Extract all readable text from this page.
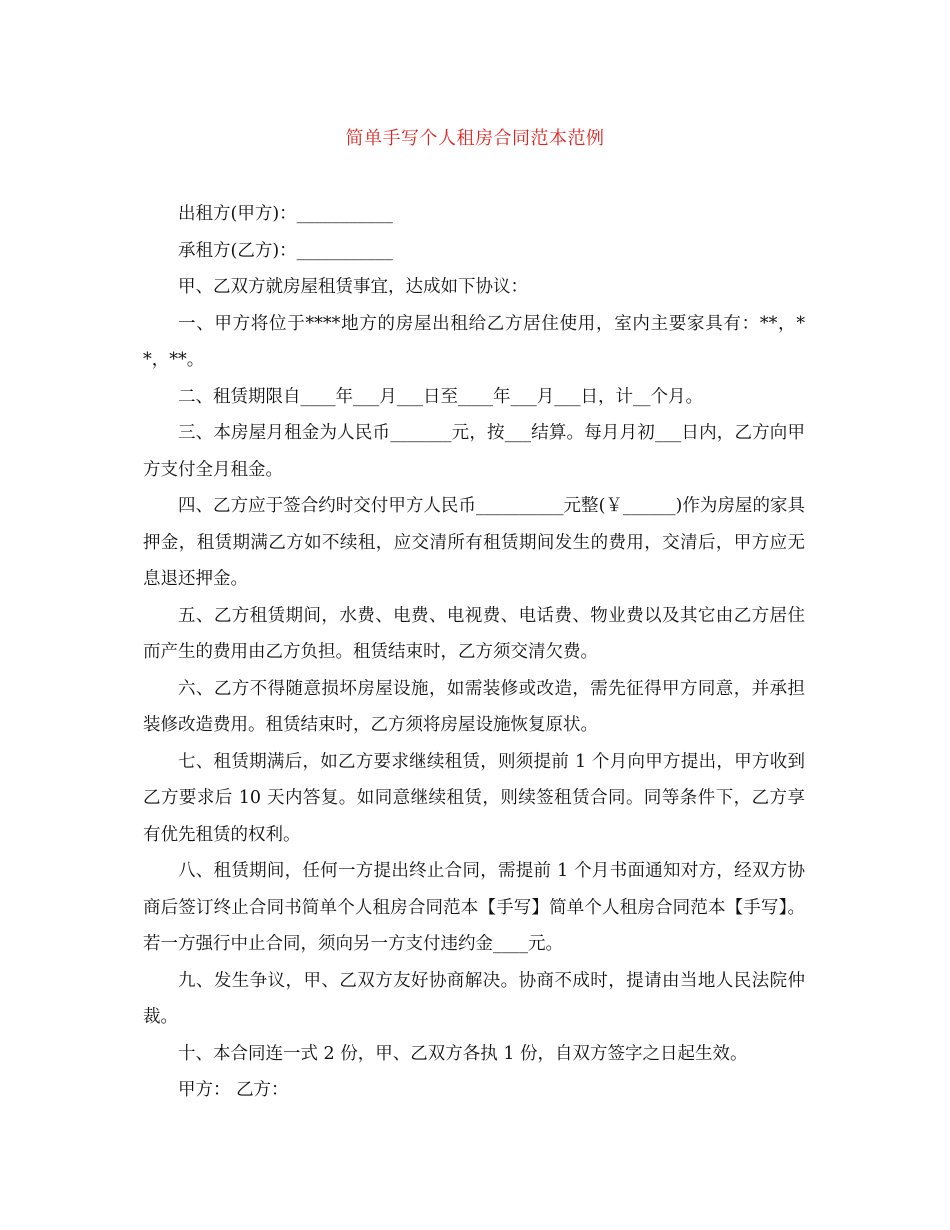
简单手写个人租房合同范本范例

出租方(甲方)：___________

承租方(乙方)：___________

甲、乙双方就房屋租赁事宜，达成如下协议：

一、甲方将位于****地方的房屋出租给乙方居住使用，室内主要家具有：**，**，**。

二、租赁期限自____年___月___日至____年___月___日，计__个月。

三、本房屋月租金为人民币_______元，按___结算。每月月初___日内，乙方向甲方支付全月租金。

四、乙方应于签合约时交付甲方人民币__________元整(￥______)作为房屋的家具押金，租赁期满乙方如不续租，应交清所有租赁期间发生的费用，交清后，甲方应无息退还押金。

五、乙方租赁期间，水费、电费、电视费、电话费、物业费以及其它由乙方居住而产生的费用由乙方负担。租赁结束时，乙方须交清欠费。

六、乙方不得随意损坏房屋设施，如需装修或改造，需先征得甲方同意，并承担装修改造费用。租赁结束时，乙方须将房屋设施恢复原状。

七、租赁期满后，如乙方要求继续租赁，则须提前 1 个月向甲方提出，甲方收到乙方要求后 10 天内答复。如同意继续租赁，则续签租赁合同。同等条件下，乙方享有优先租赁的权利。

八、租赁期间，任何一方提出终止合同，需提前 1 个月书面通知对方，经双方协商后签订终止合同书简单个人租房合同范本【手写】简单个人租房合同范本【手写】。若一方强行中止合同，须向另一方支付违约金____元。

九、发生争议，甲、乙双方友好协商解决。协商不成时，提请由当地人民法院仲裁。

十、本合同连一式 2 份，甲、乙双方各执 1 份，自双方签字之日起生效。

甲方： 乙方：
